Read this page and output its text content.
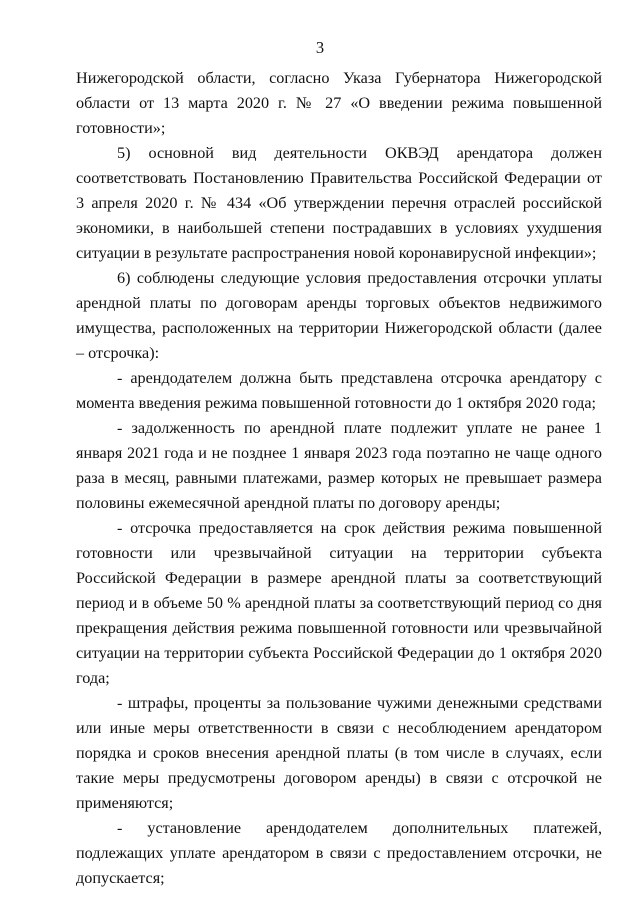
3

Нижегородской области, согласно Указа Губернатора Нижегородской области от 13 марта 2020 г. № 27 «О введении режима повышенной готовности»;

5) основной вид деятельности ОКВЭД арендатора должен соответствовать Постановлению Правительства Российской Федерации от 3 апреля 2020 г. № 434 «Об утверждении перечня отраслей российской экономики, в наибольшей степени пострадавших в условиях ухудшения ситуации в результате распространения новой коронавирусной инфекции»;

6) соблюдены следующие условия предоставления отсрочки уплаты арендной платы по договорам аренды торговых объектов недвижимого имущества, расположенных на территории Нижегородской области (далее – отсрочка):

- арендодателем должна быть представлена отсрочка арендатору с момента введения режима повышенной готовности до 1 октября 2020 года;

- задолженность по арендной плате подлежит уплате не ранее 1 января 2021 года и не позднее 1 января 2023 года поэтапно не чаще одного раза в месяц, равными платежами, размер которых не превышает размера половины ежемесячной арендной платы по договору аренды;

- отсрочка предоставляется на срок действия режима повышенной готовности или чрезвычайной ситуации на территории субъекта Российской Федерации в размере арендной платы за соответствующий период и в объеме 50 % арендной платы за соответствующий период со дня прекращения действия режима повышенной готовности или чрезвычайной ситуации на территории субъекта Российской Федерации до 1 октября 2020 года;

- штрафы, проценты за пользование чужими денежными средствами или иные меры ответственности в связи с несоблюдением арендатором порядка и сроков внесения арендной платы (в том числе в случаях, если такие меры предусмотрены договором аренды) в связи с отсрочкой не применяются;

- установление арендодателем дополнительных платежей, подлежащих уплате арендатором в связи с предоставлением отсрочки, не допускается;
